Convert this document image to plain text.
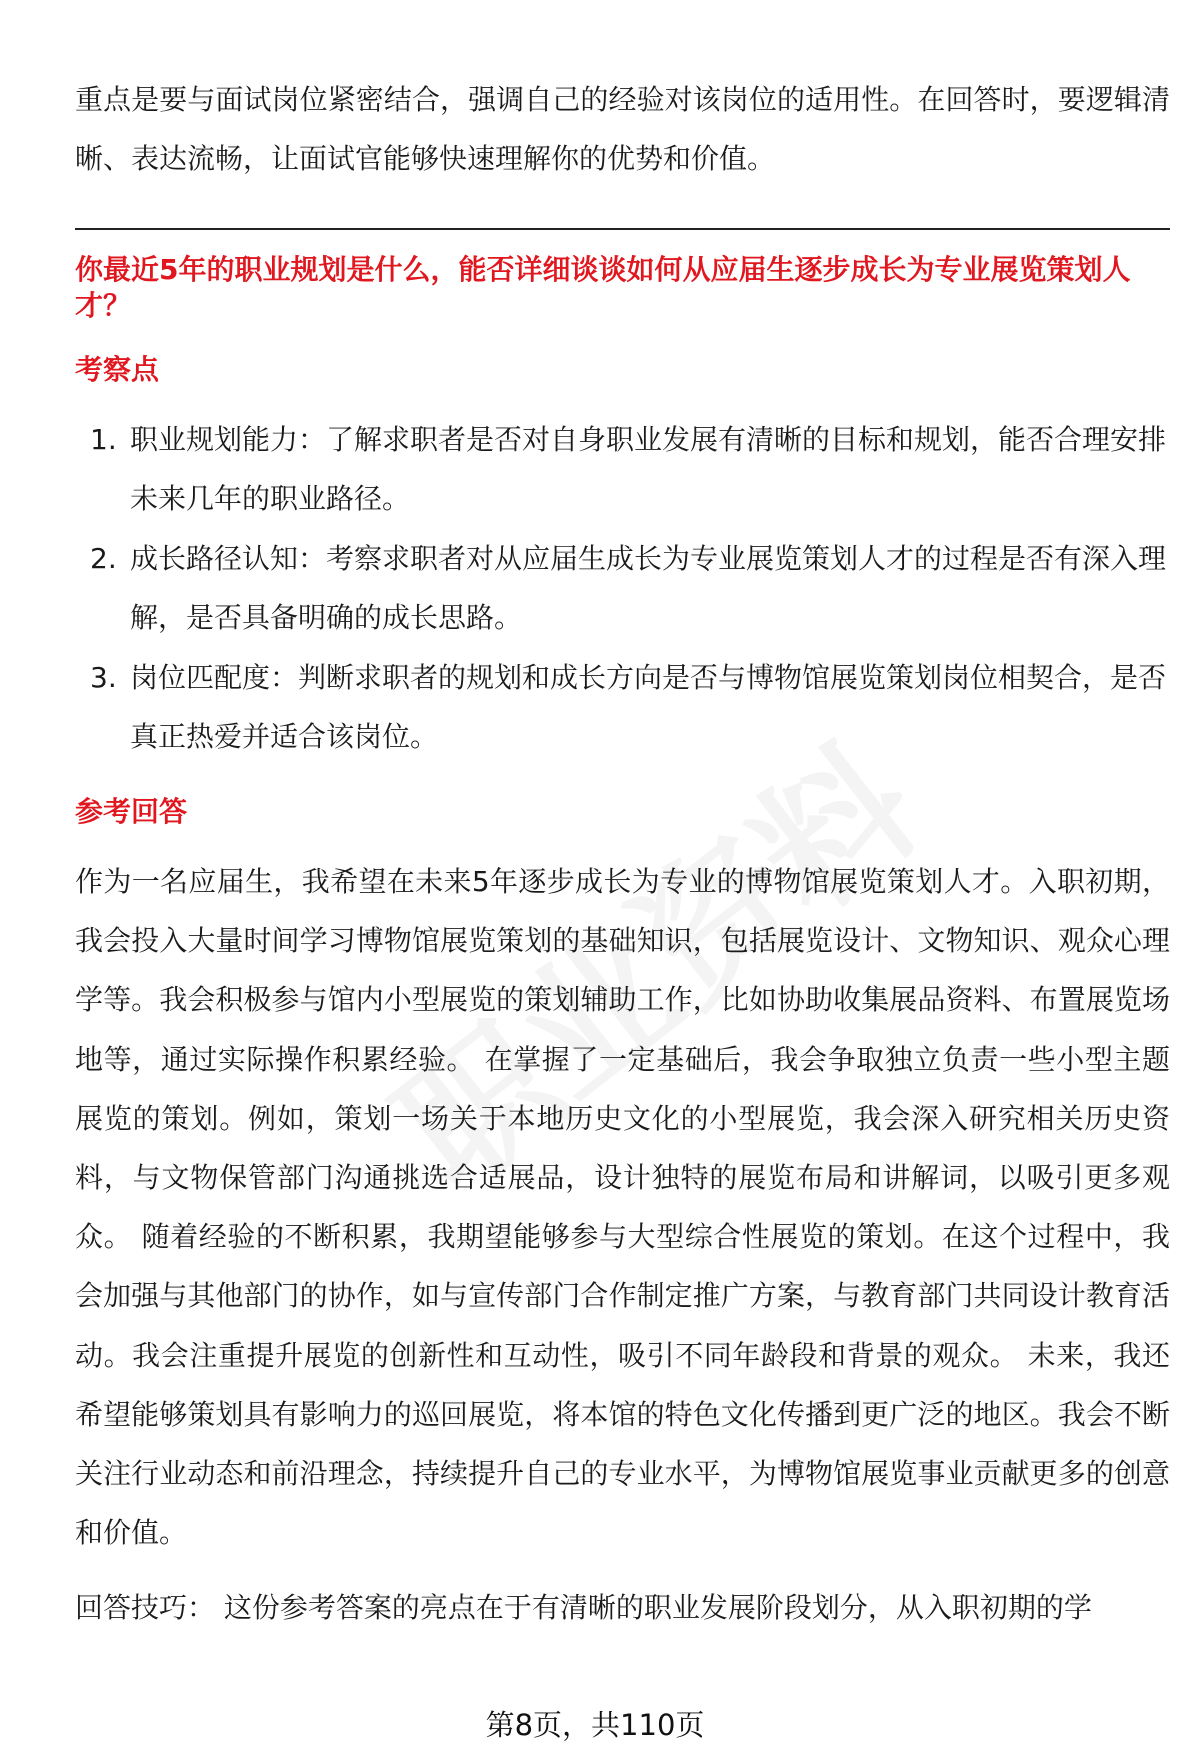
重点是要与面试岗位紧密结合，强调自己的经验对该岗位的适用性。在回答时，要逻辑清晰、表达流畅，让面试官能够快速理解你的优势和价值。

你最近5年的职业规划是什么，能否详细谈谈如何从应届生逐步成长为专业展览策划人才？

考察点
1. 职业规划能力：了解求职者是否对自身职业发展有清晰的目标和规划，能否合理安排未来几年的职业路径。
2. 成长路径认知：考察求职者对从应届生成长为专业展览策划人才的过程是否有深入理解，是否具备明确的成长思路。
3. 岗位匹配度：判断求职者的规划和成长方向是否与博物馆展览策划岗位相契合，是否真正热爱并适合该岗位。
参考回答

作为一名应届生，我希望在未来5年逐步成长为专业的博物馆展览策划人才。入职初期，我会投入大量时间学习博物馆展览策划的基础知识，包括展览设计、文物知识、观众心理学等。我会积极参与馆内小型展览的策划辅助工作，比如协助收集展品资料、布置展览场地等，通过实际操作积累经验。 在掌握了一定基础后，我会争取独立负责一些小型主题展览的策划。例如，策划一场关于本地历史文化的小型展览，我会深入研究相关历史资料，与文物保管部门沟通挑选合适展品，设计独特的展览布局和讲解词，以吸引更多观众。 随着经验的不断积累，我期望能够参与大型综合性展览的策划。在这个过程中，我会加强与其他部门的协作，如与宣传部门合作制定推广方案，与教育部门共同设计教育活动。我会注重提升展览的创新性和互动性，吸引不同年龄段和背景的观众。 未来，我还希望能够策划具有影响力的巡回展览，将本馆的特色文化传播到更广泛的地区。我会不断关注行业动态和前沿理念，持续提升自己的专业水平，为博物馆展览事业贡献更多的创意和价值。

回答技巧： 这份参考答案的亮点在于有清晰的职业发展阶段划分，从入职初期的学
第8页，共110页
